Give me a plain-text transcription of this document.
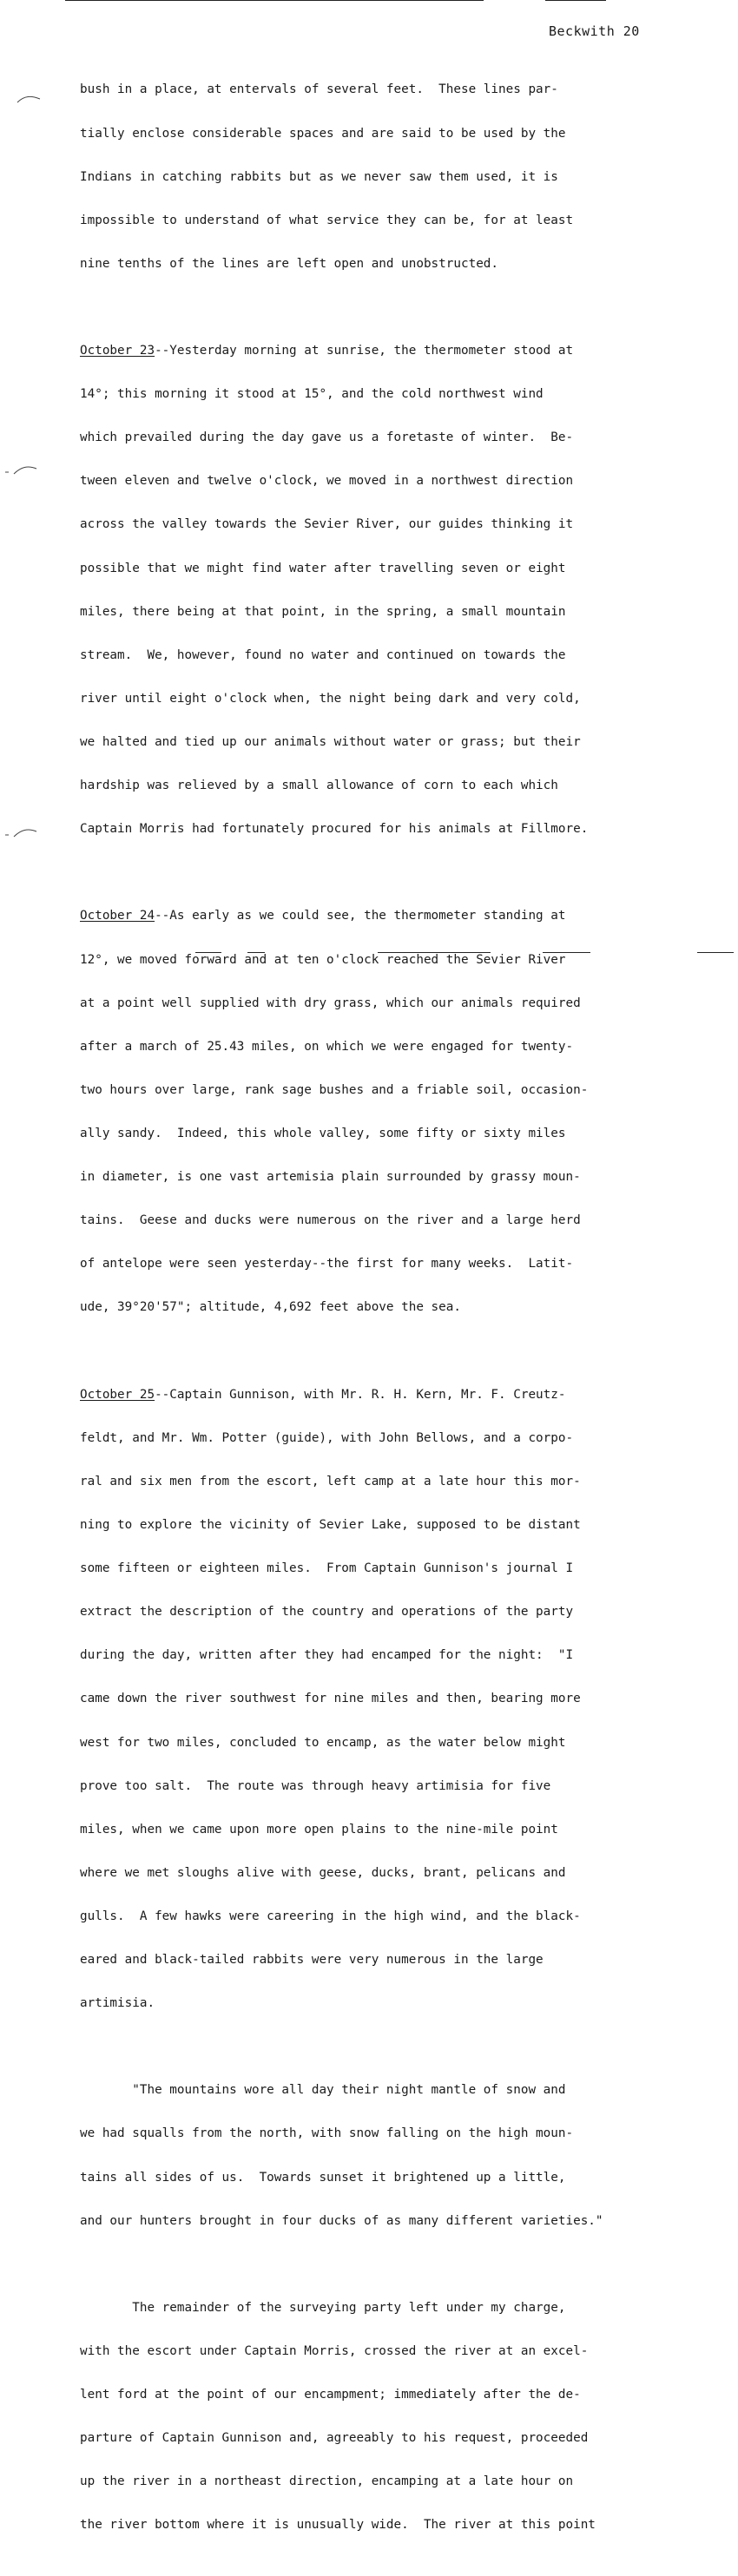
Beckwith 20

bush in a place, at entervals of several feet.  These lines par-

tially enclose considerable spaces and are said to be used by the

Indians in catching rabbits but as we never saw them used, it is

impossible to understand of what service they can be, for at least

nine tenths of the lines are left open and unobstructed.

October 23--Yesterday morning at sunrise, the thermometer stood at

14°; this morning it stood at 15°, and the cold northwest wind

which prevailed during the day gave us a foretaste of winter.  Be-

tween eleven and twelve o'clock, we moved in a northwest direction

across the valley towards the Sevier River, our guides thinking it

possible that we might find water after travelling seven or eight

miles, there being at that point, in the spring, a small mountain

stream.  We, however, found no water and continued on towards the

river until eight o'clock when, the night being dark and very cold,

we halted and tied up our animals without water or grass; but their

hardship was relieved by a small allowance of corn to each which

Captain Morris had fortunately procured for his animals at Fillmore.

October 24--As early as we could see, the thermometer standing at

12°, we moved forward and at ten o'clock reached the Sevier River

at a point well supplied with dry grass, which our animals required

after a march of 25.43 miles, on which we were engaged for twenty-

two hours over large, rank sage bushes and a friable soil, occasion-

ally sandy.  Indeed, this whole valley, some fifty or sixty miles

in diameter, is one vast artemisia plain surrounded by grassy moun-

tains.  Geese and ducks were numerous on the river and a large herd

of antelope were seen yesterday--the first for many weeks.  Latit-

ude, 39°20'57"; altitude, 4,692 feet above the sea.

October 25--Captain Gunnison, with Mr. R. H. Kern, Mr. F. Creutz-

feldt, and Mr. Wm. Potter (guide), with John Bellows, and a corpo-

ral and six men from the escort, left camp at a late hour this mor-

ning to explore the vicinity of Sevier Lake, supposed to be distant

some fifteen or eighteen miles.  From Captain Gunnison's journal I

extract the description of the country and operations of the party

during the day, written after they had encamped for the night:  "I

came down the river southwest for nine miles and then, bearing more

west for two miles, concluded to encamp, as the water below might

prove too salt.  The route was through heavy artimisia for five

miles, when we came upon more open plains to the nine-mile point

where we met sloughs alive with geese, ducks, brant, pelicans and

gulls.  A few hawks were careering in the high wind, and the black-

eared and black-tailed rabbits were very numerous in the large

artimisia.

"The mountains wore all day their night mantle of snow and

we had squalls from the north, with snow falling on the high moun-

tains all sides of us.  Towards sunset it brightened up a little,

and our hunters brought in four ducks of as many different varieties."

The remainder of the surveying party left under my charge,

with the escort under Captain Morris, crossed the river at an excel-

lent ford at the point of our encampment; immediately after the de-

parture of Captain Gunnison and, agreeably to his request, proceeded

up the river in a northeast direction, encamping at a late hour on

the river bottom where it is unusually wide.  The river at this point
